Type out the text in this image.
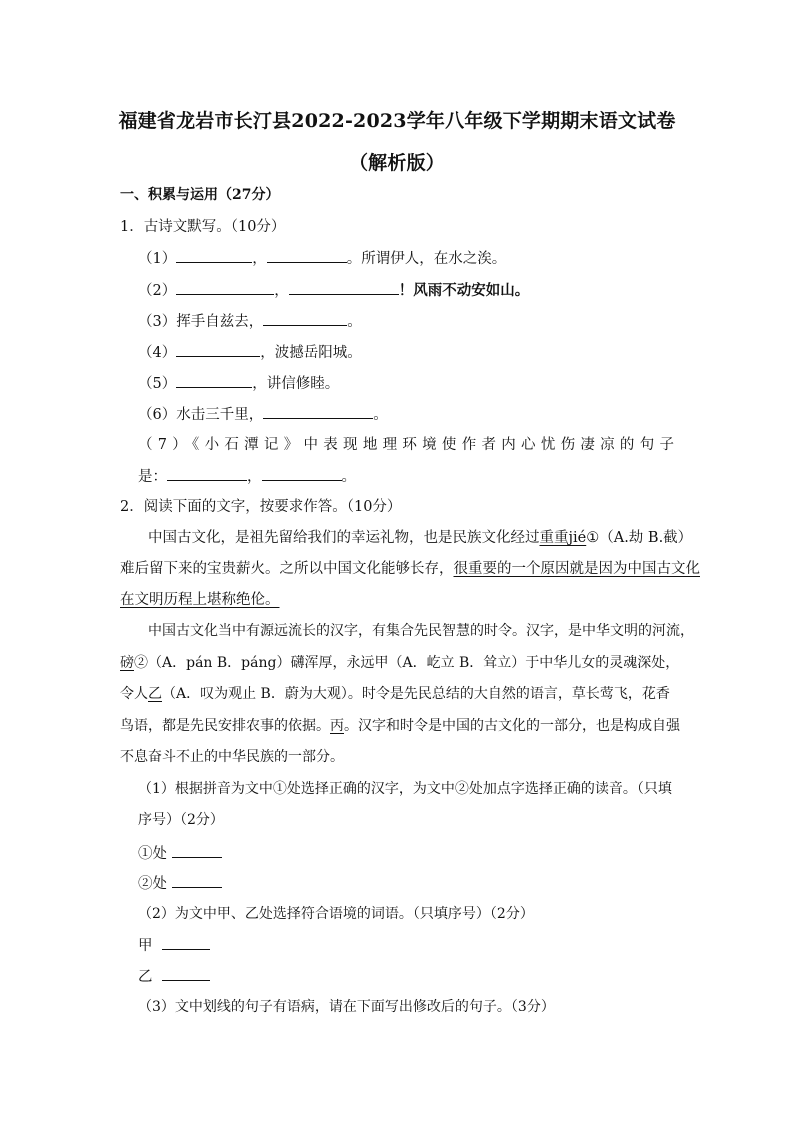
福建省龙岩市长汀县2022-2023学年八年级下学期期末语文试卷
（解析版）
一、积累与运用（27分）
1．古诗文默写。（10分）
（1）	，	。所谓伊人，在水之涘。
（2）	，	！风雨不动安如山。
（3）挥手自兹去，	。
（4）	，波撼岳阳城。
（5）	，讲信修睦。
（6）水击三千里，	。
（7）《小石潭记》中表现地理环境使作者内心忧伤凄凉的句子
是：	，	。
2．阅读下面的文字，按要求作答。（10分）
中国古文化，是祖先留给我们的幸运礼物，也是民族文化经过重重jié①（A.劫 B.截）
难后留下来的宝贵薪火。之所以中国文化能够长存，很重要的一个原因就是因为中国古文化
在文明历程上堪称绝伦。
中国古文化当中有源远流长的汉字，有集合先民智慧的时令。汉字，是中华文明的河流，
磅②（A．pán B．páng）礴浑厚，永远甲（A．屹立 B．耸立）于中华儿女的灵魂深处，
令人乙（A．叹为观止 B．蔚为大观）。时令是先民总结的大自然的语言，草长莺飞，花香
鸟语，都是先民安排农事的依据。丙。汉字和时令是中国的古文化的一部分，也是构成自强
不息奋斗不止的中华民族的一部分。
（1）根据拼音为文中①处选择正确的汉字，为文中②处加点字选择正确的读音。（只填
序号）（2分）
①处
②处
（2）为文中甲、乙处选择符合语境的词语。（只填序号）（2分）
甲
乙
（3）文中划线的句子有语病，请在下面写出修改后的句子。（3分）
